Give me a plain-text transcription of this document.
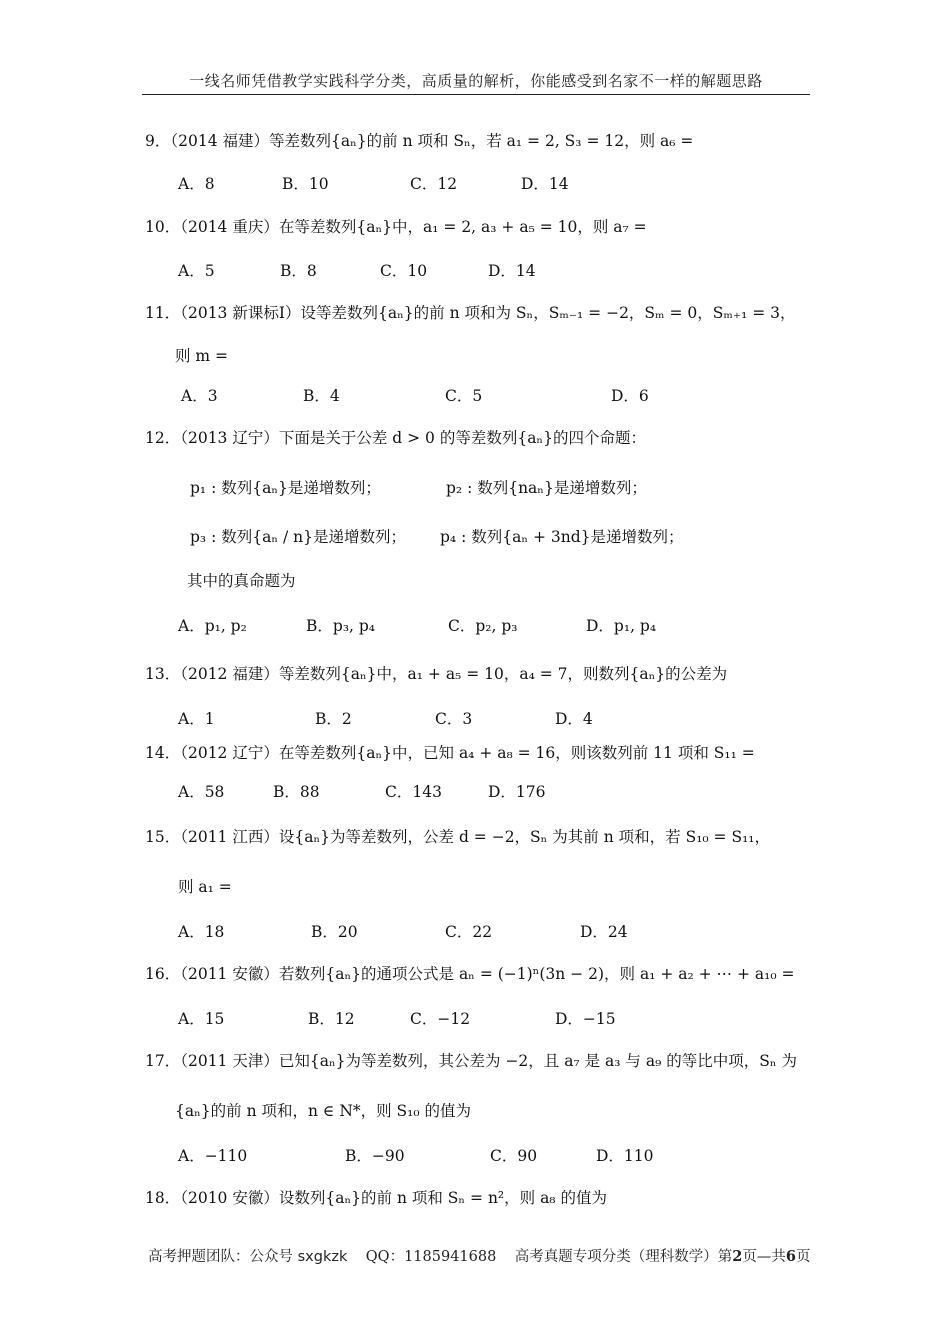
一线名师凭借教学实践科学分类，高质量的解析，你能感受到名家不一样的解题思路
9．（2014 福建）等差数列{aₙ}的前 n 项和 Sₙ，若 a₁ = 2, S₃ = 12，则 a₆ =
A．8	B．10	C．12	D．14
10．（2014 重庆）在等差数列{aₙ}中，a₁ = 2, a₃ + a₅ = 10，则 a₇ =
A．5	B．8	C．10	D．14
11．（2013 新课标Ⅰ）设等差数列{aₙ}的前 n 项和为 Sₙ，Sₘ₋₁ = −2，Sₘ = 0，Sₘ₊₁ = 3，
则 m =
A．3	B．4	C．5	D．6
12．（2013 辽宁）下面是关于公差 d > 0 的等差数列{aₙ}的四个命题：
p₁ : 数列{aₙ}是递增数列；	p₂ : 数列{naₙ}是递增数列；
p₃ : 数列{aₙ / n}是递增数列； p₄ : 数列{aₙ + 3nd}是递增数列；
其中的真命题为
A．p₁, p₂	B．p₃, p₄	C．p₂, p₃	D．p₁, p₄
13．（2012 福建）等差数列{aₙ}中，a₁ + a₅ = 10，a₄ = 7，则数列{aₙ}的公差为
A．1	B．2	C．3	D．4
14．（2012 辽宁）在等差数列{aₙ}中，已知 a₄ + a₈ = 16，则该数列前 11 项和 S₁₁ =
A．58	B．88	C．143	D．176
15．（2011 江西）设{aₙ}为等差数列，公差 d = −2，Sₙ 为其前 n 项和，若 S₁₀ = S₁₁，
则 a₁ =
A．18	B．20	C．22	D．24
16．（2011 安徽）若数列{aₙ}的通项公式是 aₙ = (−1)ⁿ(3n − 2)，则 a₁ + a₂ + ⋯ + a₁₀ =
A．15	B．12	C．−12	D．−15
17．（2011 天津）已知{aₙ}为等差数列，其公差为 −2，且 a₇ 是 a₃ 与 a₉ 的等比中项，Sₙ 为
{aₙ}的前 n 项和，n ∈ N*，则 S₁₀ 的值为
A．−110	B．−90	C．90	D．110
18．（2010 安徽）设数列{aₙ}的前 n 项和 Sₙ = n²，则 a₈ 的值为
高考押题团队：公众号 sxgkzk QQ：1185941688 高考真题专项分类（理科数学）第2页—共6页
